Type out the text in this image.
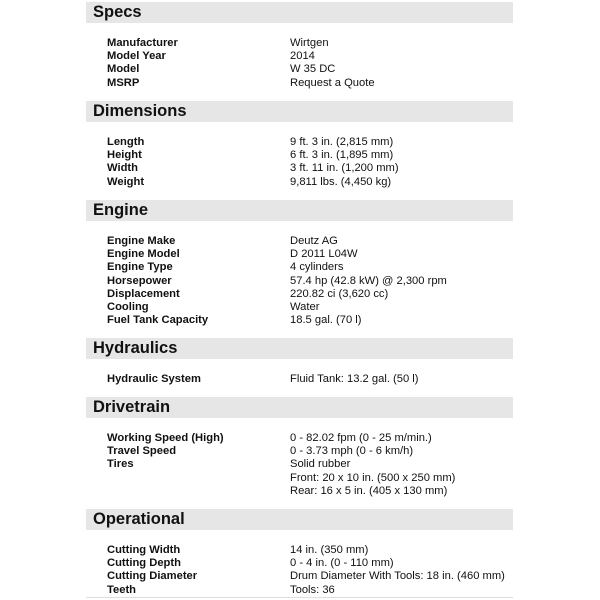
Specs
Manufacturer	Wirtgen
Model Year	2014
Model	W 35 DC
MSRP	Request a Quote
Dimensions
Length	9 ft. 3 in. (2,815 mm)
Height	6 ft. 3 in. (1,895 mm)
Width	3 ft. 11 in. (1,200 mm)
Weight	9,811 lbs. (4,450 kg)
Engine
Engine Make	Deutz AG
Engine Model	D 2011 L04W
Engine Type	4 cylinders
Horsepower	57.4 hp (42.8 kW) @ 2,300 rpm
Displacement	220.82 ci (3,620 cc)
Cooling	Water
Fuel Tank Capacity	18.5 gal. (70 l)
Hydraulics
Hydraulic System	Fluid Tank: 13.2 gal. (50 l)
Drivetrain
Working Speed (High)	0 - 82.02 fpm (0 - 25 m/min.)
Travel Speed	0 - 3.73 mph (0 - 6 km/h)
Tires	Solid rubber
Front: 20 x 10 in. (500 x 250 mm)
Rear: 16 x 5 in. (405 x 130 mm)
Operational
Cutting Width	14 in. (350 mm)
Cutting Depth	0 - 4 in. (0 - 110 mm)
Cutting Diameter	Drum Diameter With Tools: 18 in. (460 mm)
Teeth	Tools: 36
